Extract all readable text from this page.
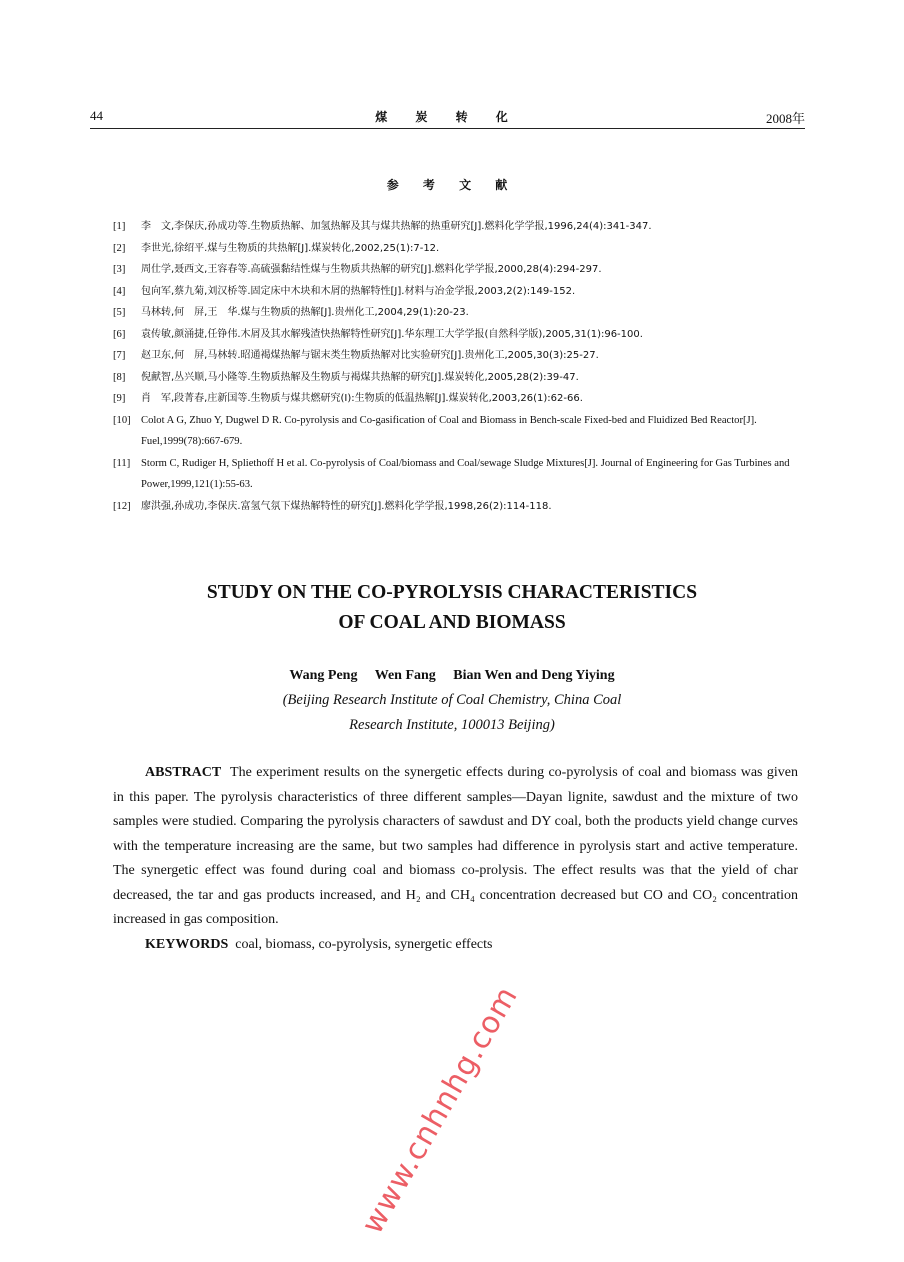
44	煤 炭 转 化	2008年
参 考 文 献
[1]	李　文,李保庆,孙成功等.生物质热解、加氢热解及其与煤共热解的热重研究[J].燃料化学学报,1996,24(4):341-347.
[2]	李世光,徐绍平.煤与生物质的共热解[J].煤炭转化,2002,25(1):7-12.
[3]	周仕学,聂西文,王容春等.高硫强黏结性煤与生物质共热解的研究[J].燃料化学学报,2000,28(4):294-297.
[4]	包向军,蔡九菊,刘汉桥等.固定床中木块和木屑的热解特性[J].材料与冶金学报,2003,2(2):149-152.
[5]	马林转,何　屏,王　华.煤与生物质的热解[J].贵州化工,2004,29(1):20-23.
[6]	袁传敏,颜涌捷,任铮伟.木屑及其水解残渣快热解特性研究[J].华东理工大学学报(自然科学版),2005,31(1):96-100.
[7]	赵卫东,何　屏,马林转.昭通褐煤热解与锯末类生物质热解对比实验研究[J].贵州化工,2005,30(3):25-27.
[8]	倪献智,丛兴顺,马小隆等.生物质热解及生物质与褐煤共热解的研究[J].煤炭转化,2005,28(2):39-47.
[9]	肖　军,段菁春,庄新国等.生物质与煤共燃研究(Ⅰ):生物质的低温热解[J].煤炭转化,2003,26(1):62-66.
[10] Colot A G, Zhuo Y, Dugwel D R. Co-pyrolysis and Co-gasification of Coal and Biomass in Bench-scale Fixed-bed and Fluidized Bed Reactor[J]. Fuel,1999(78):667-679.
[11]	Storm C, Rudiger H, Spliethoff H et al. Co-pyrolysis of Coal/biomass and Coal/sewage Sludge Mixtures[J]. Journal of Engineering for Gas Turbines and Power,1999,121(1):55-63.
[12]	廖洪强,孙成功,李保庆.富氢气氛下煤热解特性的研究[J].燃料化学学报,1998,26(2):114-118.
STUDY ON THE CO-PYROLYSIS CHARACTERISTICS
OF COAL AND BIOMASS
Wang Peng　 Wen Fang　 Bian Wen and Deng Yiying
(Beijing Research Institute of Coal Chemistry, China Coal
Research Institute, 100013 Beijing)
ABSTRACT The experiment results on the synergetic effects during co-pyrolysis of coal and biomass was given in this paper. The pyrolysis characteristics of three different samples—Dayan lignite, sawdust and the mixture of two samples were studied. Comparing the pyrolysis characters of sawdust and DY coal, both the products yield change curves with the temperature increasing are the same, but two samples had difference in pyrolysis start and active temperature. The synergetic effect was found during coal and biomass co-prolysis. The effect results was that the yield of char decreased, the tar and gas products increased, and H₂ and CH₄ concentration decreased but CO and CO₂ concentration increased in gas composition.
KEYWORDS coal, biomass, co-pyrolysis, synergetic effects
www.cnhnhg.com
